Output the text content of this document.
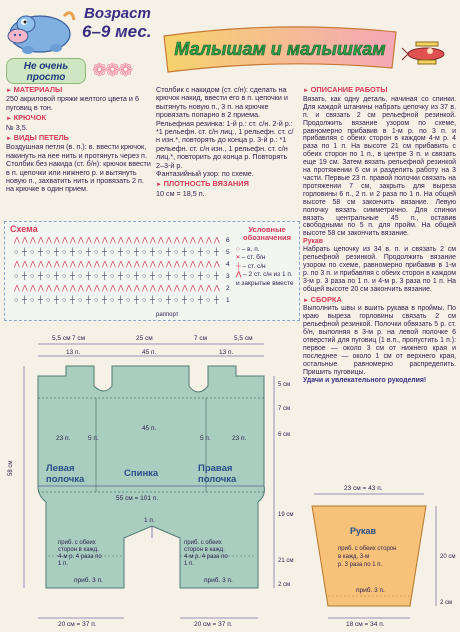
Возраст
6–9 мес.
Не очень просто	❁❁❁
Малышам и малышкам
► МАТЕРИАЛЫ
250 акриловой пряжи желтого цвета и 6 пуговиц в тон.
► КРЮЧОК
№ 3,5.
► ВИДЫ ПЕТЕЛЬ
Воздушная петля (в. п.): в. ввести крючок, накинуть на нее нить и протянуть через п.
Столбик без накида (ст. б/н): крючок ввести в п. цепочки или нижнего р. и вытянуть новую п., захватить нить и провязать 2 п. на крючке в один прием.
Столбик с накидом (ст. с/н): сделать на крючок накид, ввести его в п. цепочки и вытянуть новую п., 3 п. на крючке провязать попарно в 2 приема.
Рельефная резинка: 1-й р.: ст. с/н. 2-й р.: *1 рельефн. ст. с/н лиц., 1 рельефн. ст. с/н изн.*, повторять до конца р. 3-й р.: *1 рельефн. ст. с/н изн., 1 рельефн. ст. с/н лиц.*, повторить до конца р. Повторять 2–3-й р.
Фантазийный узор: по схеме.
► ПЛОТНОСТЬ ВЯЗАНИЯ
10 см = 18,5 п.
► ОПИСАНИЕ РАБОТЫ
Вязать, как одну деталь, начиная со спинки. Для каждой штанины набрать цепочку из 37 в. п. и связать 2 см рельефной резинкой. Продолжить вязание узором по схеме, равномерно прибавив в 1-м р. по 3 п. и прибавляя с обеих сторон в каждом 4-м р. 4 раза по 1 п. На высоте 21 см прибавить с обеих сторон по 1 п., в центре 3 п. и связать еще 19 см. Затем вязать рельефной резинкой на протяжении 6 см и разделить работу на 3 части. Первые 23 п. правой полочки связать на протяжении 7 см, закрыть для выреза горловины 6 п., 2 п. и 2 раза по 1 п. На общей высоте 58 см закончить вязание. Левую полочку вязать симметрично. Для спинки вязать центральные 45 п., оставив свободными по 5 п. для пройм. На общей высоте 58 см закончить вязание.
Рукав
Набрать цепочку из 34 в. п. и связать 2 см рельефной резинкой. Продолжить вязание узором по схеме, равномерно прибавив в 1-м р. по 3 п. и прибавляя с обеих сторон в каждом 3-м р. 3 раза по 1 п. и 4-м р. 3 раза по 1 п. На общей высоте 20 см закончить вязание.
► СБОРКА
Выполнить швы и вшить рукава в проймы. По краю выреза горловины связать 2 см рельефной резинкой. Полочки обвязать 5 р. ст. б/н, выполняя в 3-м р. на левой полочке 6 отверстий для пуговиц (1 в.п., пропустить 1 п.): первое — около 3 см от нижнего края и последнее — около 1 см от верхнего края, остальные равномерно распределить. Пришить пуговицы.
Удачи и увлекательного рукоделия!
Схема
⋀ ⋀ ⋀ ⋀ ⋀ ⋀ ⋀ ⋀ ⋀ ⋀ ⋀ ⋀ ⋀ ⋀ ⋀ ⋀ ⋀ ⋀ ⋀ ⋀ ⋀ ⋀ ⋀ ⋀ ⋀ ⋀ 6
○ ┼ ○ ┼ ○ ┼ ○ ┼ ○ ┼ ○ ┼ ○ ┼ ○ ┼ ○ ┼ ○ ┼ ○ ┼ ○ ┼ ○ ┼ 5
⋀ ⋀ ⋀ ⋀ ⋀ ⋀ ⋀ ⋀ ⋀ ⋀ ⋀ ⋀ ⋀ ⋀ ⋀ ⋀ ⋀ ⋀ ⋀ ⋀ ⋀ ⋀ ⋀ ⋀ ⋀ ⋀ 4
○ ┼ ○ ┼ ○ ┼ ○ ┼ ○ ┼ ○ ┼ ○ ┼ ○ ┼ ○ ┼ ○ ┼ ○ ┼ ○ ┼ ○ ┼ 3
⋀ ⋀ ⋀ ⋀ ⋀ ⋀ ⋀ ⋀ ⋀ ⋀ ⋀ ⋀ ⋀ ⋀ ⋀ ⋀ ⋀ ⋀ ⋀ ⋀ ⋀ ⋀ ⋀ ⋀ ⋀ ⋀ 2
○ ┼ ○ ┼ ○ ┼ ○ ┼ ○ ┼ ○ ┼ ○ ┼ ○ ┼ ○ ┼ ○ ┼ ○ ┼ ○ ┼ ○ ┼ 1
раппорт
Условные обозначения
○ – в. п.
× – ст. б/н
┼ – ст. с/н
⋀ – 2 ст. с/н из 1 п. и закрытые вместе
5,5 см 7 см	25 см	7 см	5,5 см
13 п.	45 п.	13 п.
23 п.	5 п.
45 п.
5 п.	23 п.
Левая
полочка
Спинка	Правая
полочка
55 см = 101 п.
1 п.
приб. с обеих сторон в кажд. 4-м р. 4 раза по 1 п.
приб. с обеих сторон в кажд. 4-м р. 4 раза по 1 п.
приб. 3 п.	приб. 3 п.
20 см = 37 п.	20 см = 37 п.
5 см
7 см
6 см
19 см
21 см
2 см
58 см
23 см = 43 п.
Рукав
приб. с обеих сторон
в кажд. 3-м
р. 3 раза по 1 п.
приб. 3 п.
18 см = 34 п.
20 см
2 см
